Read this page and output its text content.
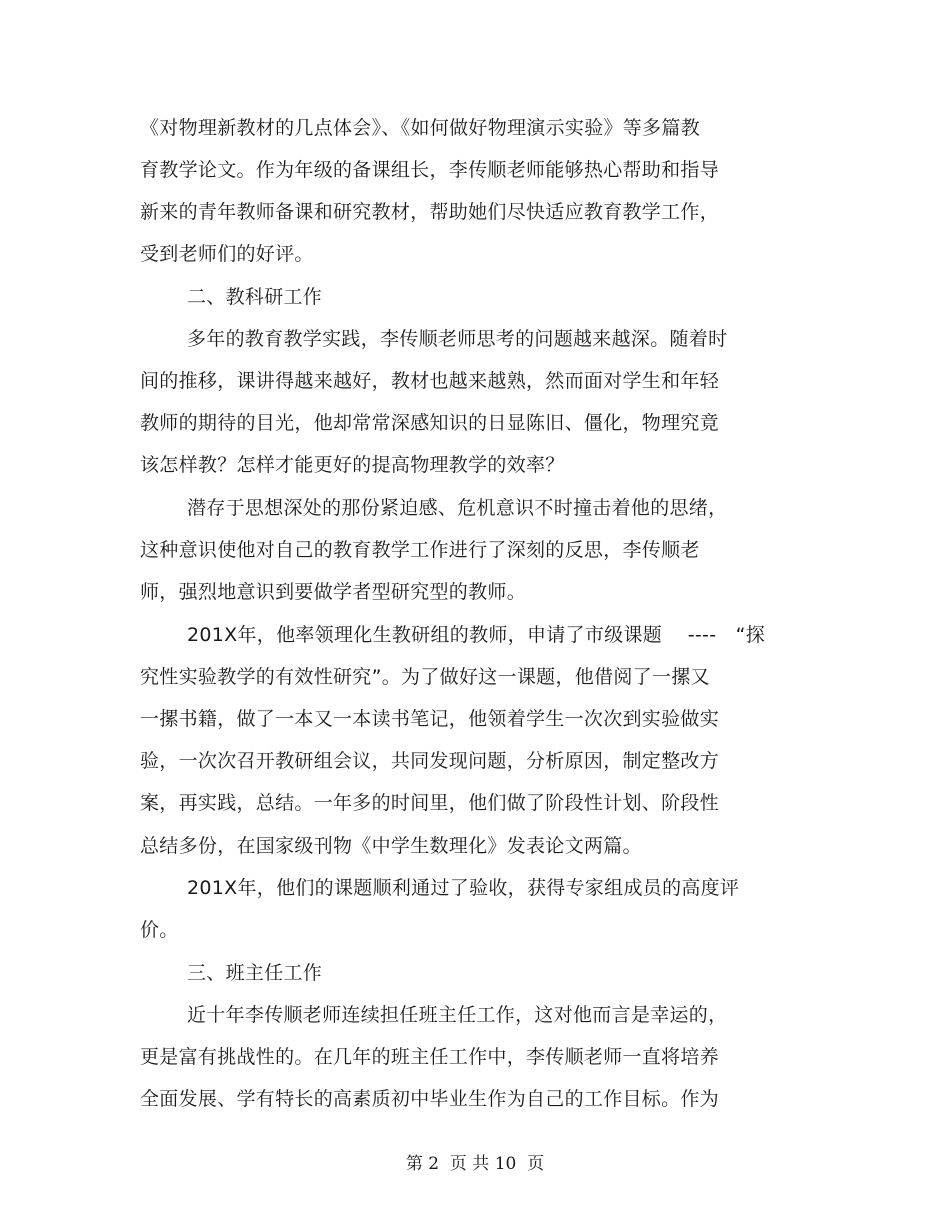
《对物理新教材的几点体会》、《如何做好物理演示实验》等多篇教
育教学论文。作为年级的备课组长，李传顺老师能够热心帮助和指导
新来的青年教师备课和研究教材，帮助她们尽快适应教育教学工作，
受到老师们的好评。
二、教科研工作
多年的教育教学实践，李传顺老师思考的问题越来越深。随着时
间的推移，课讲得越来越好，教材也越来越熟，然而面对学生和年轻
教师的期待的目光，他却常常深感知识的日显陈旧、僵化，物理究竟
该怎样教？怎样才能更好的提高物理教学的效率？
潜存于思想深处的那份紧迫感、危机意识不时撞击着他的思绪，
这种意识使他对自己的教育教学工作进行了深刻的反思，李传顺老
师，强烈地意识到要做学者型研究型的教师。
201X年，他率领理化生教研组的教师，申请了市级课题　 ----　“探
究性实验教学的有效性研究”。为了做好这一课题，他借阅了一摞又
一摞书籍，做了一本又一本读书笔记，他领着学生一次次到实验做实
验，一次次召开教研组会议，共同发现问题，分析原因，制定整改方
案，再实践，总结。一年多的时间里，他们做了阶段性计划、阶段性
总结多份，在国家级刊物《中学生数理化》发表论文两篇。
201X年，他们的课题顺利通过了验收，获得专家组成员的高度评
价。
三、班主任工作
近十年李传顺老师连续担任班主任工作，这对他而言是幸运的，
更是富有挑战性的。在几年的班主任工作中，李传顺老师一直将培养
全面发展、学有特长的高素质初中毕业生作为自己的工作目标。作为
第 2  页 共 10  页
